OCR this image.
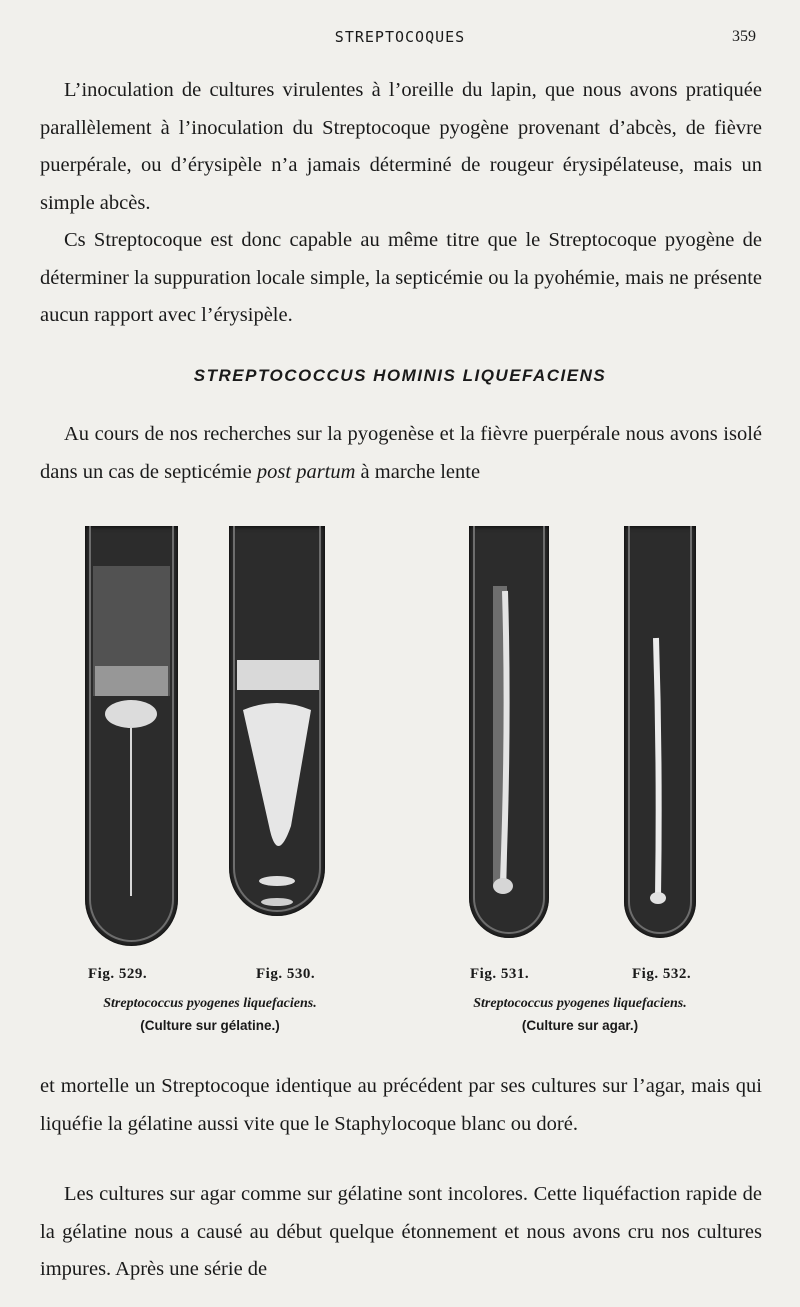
STREPTOCOQUES	359

L’inoculation de cultures virulentes à l’oreille du lapin, que nous avons pratiquée parallèlement à l’inoculation du Streptocoque pyogène provenant d’abcès, de fièvre puerpérale, ou d’érysipèle n’a jamais déterminé de rougeur érysipélateuse, mais un simple abcès.

Cs Streptocoque est donc capable au même titre que le Streptocoque pyogène de déterminer la suppuration locale simple, la septicémie ou la pyohémie, mais ne présente aucun rapport avec l’érysipèle.

STREPTOCOCCUS HOMINIS LIQUEFACIENS

Au cours de nos recherches sur la pyogenèse et la fièvre puerpérale nous avons isolé dans un cas de septicémie post partum à marche lente

Fig. 529.	Fig. 530.	Fig. 531.	Fig. 532.
Streptococcus pyogenes liquefaciens.
(Culture sur gélatine.)
Streptococcus pyogenes liquefaciens.
(Culture sur agar.)

et mortelle un Streptocoque identique au précédent par ses cultures sur l’agar, mais qui liquéfie la gélatine aussi vite que le Staphylocoque blanc ou doré.

Les cultures sur agar comme sur gélatine sont incolores. Cette liquéfaction rapide de la gélatine nous a causé au début quelque étonnement et nous avons cru nos cultures impures. Après une série de
